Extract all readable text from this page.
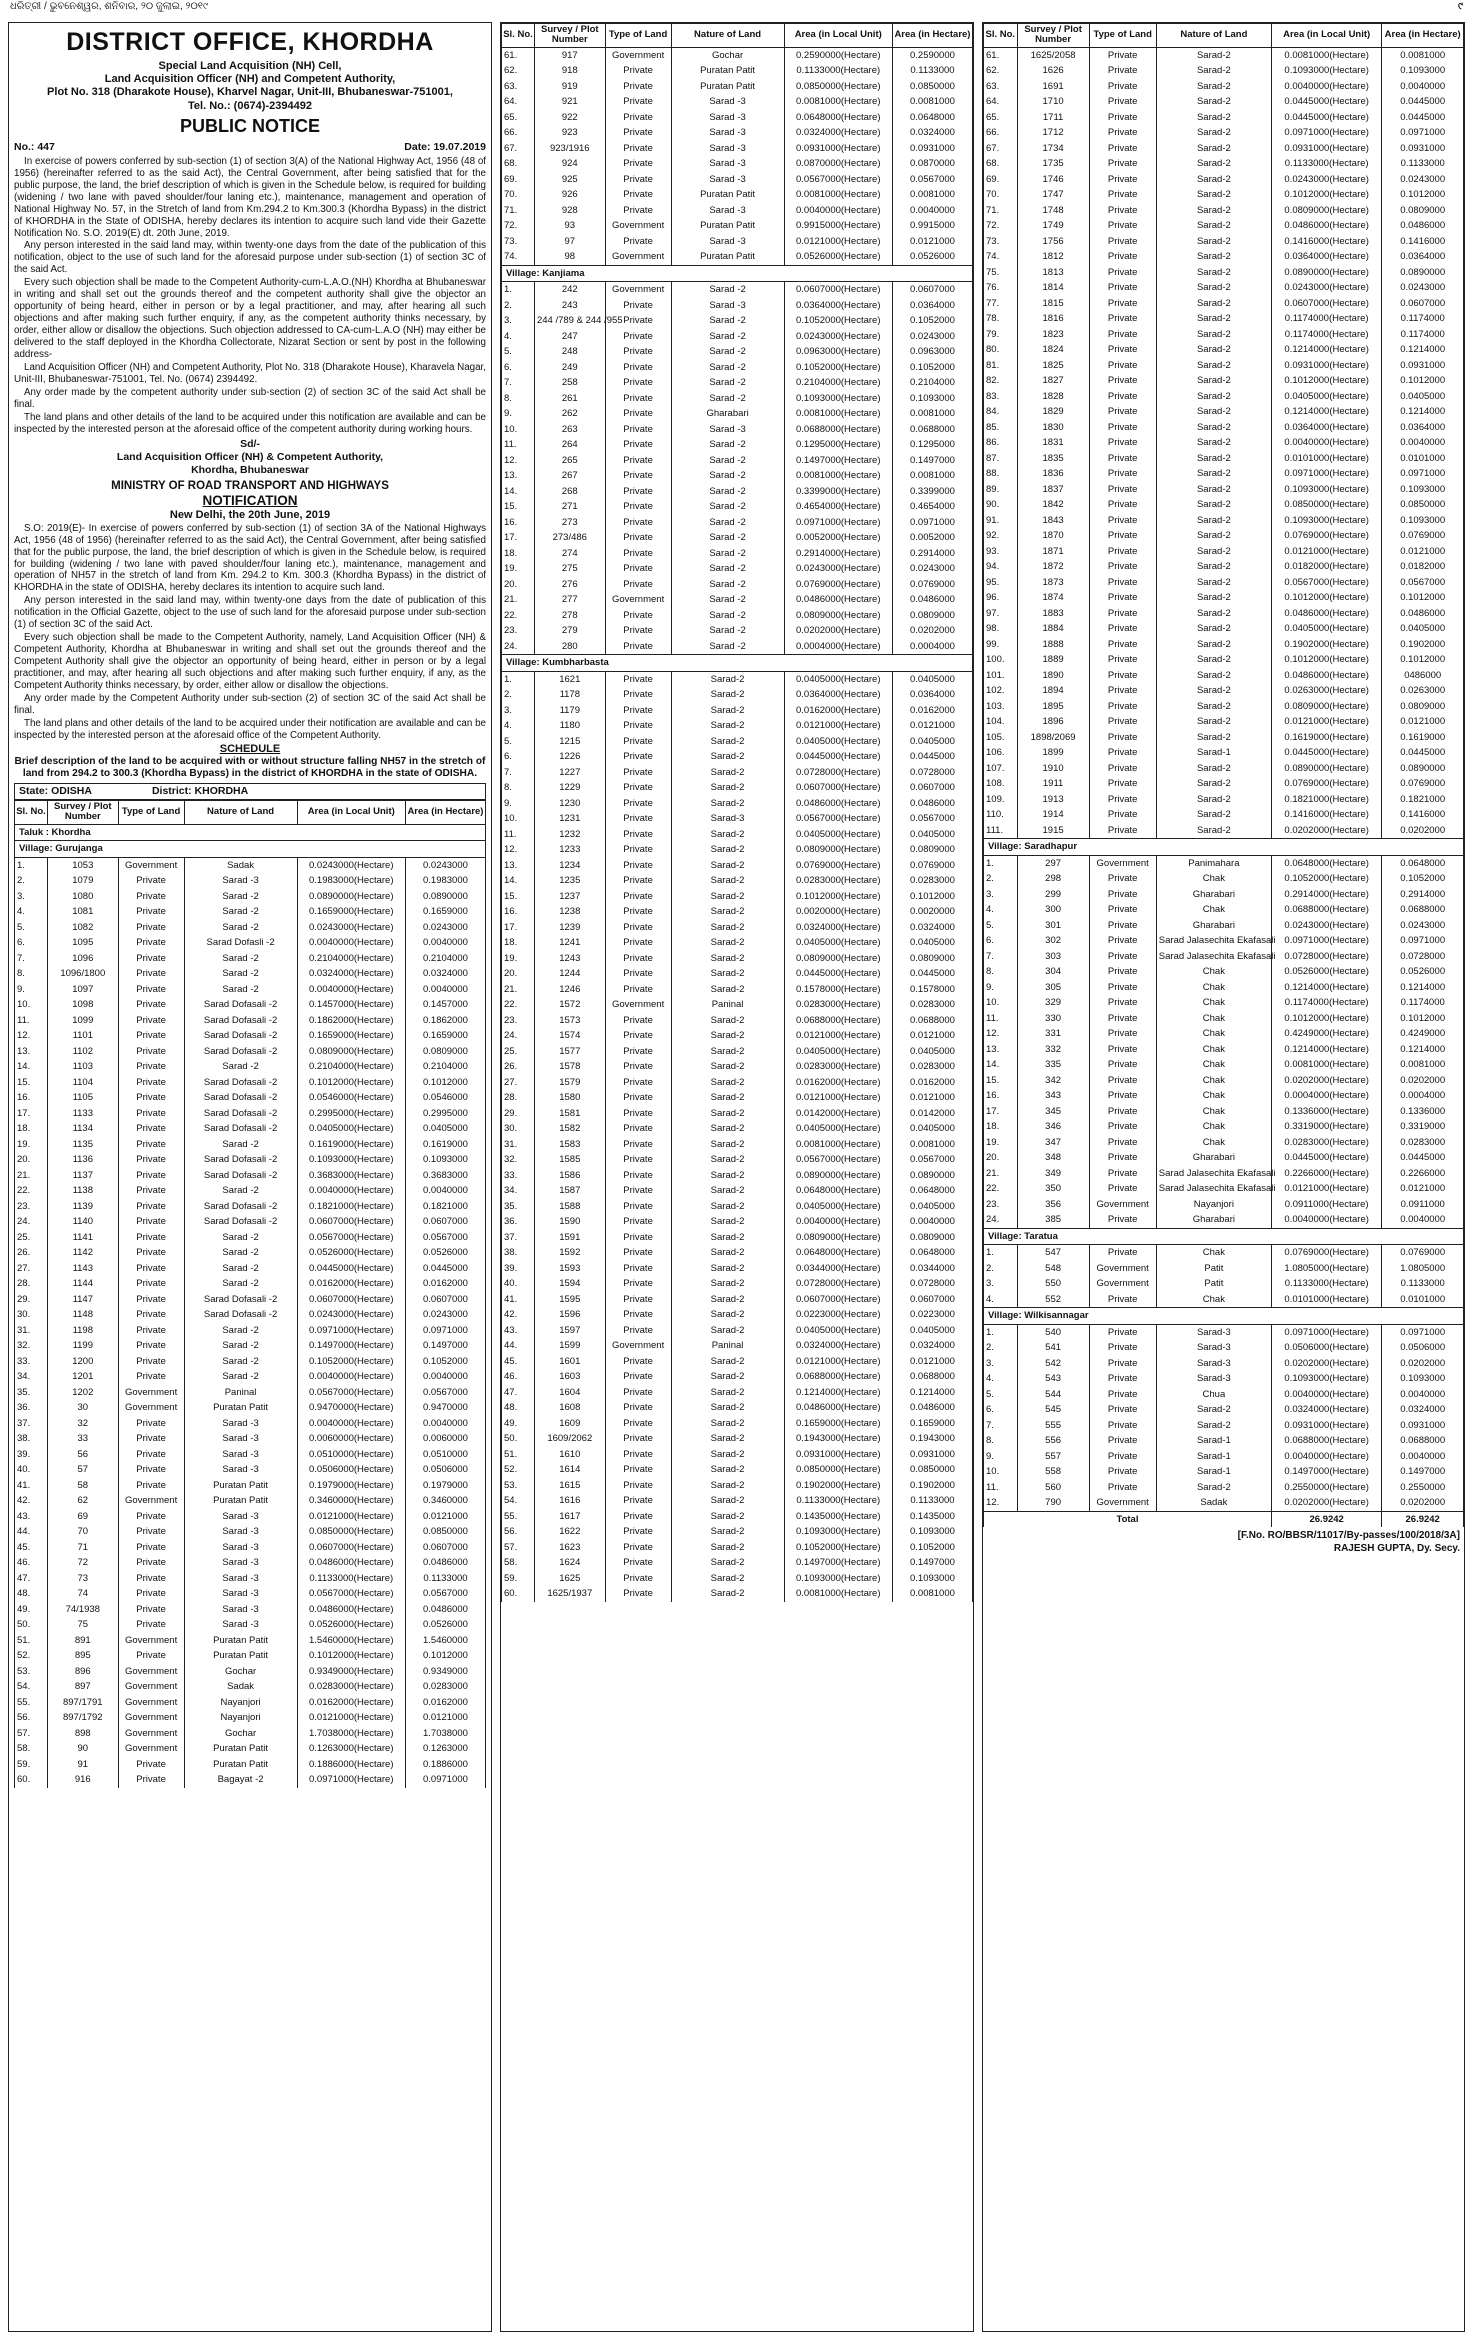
ଧରିତ୍ରୀ / ଭୁବନେଶ୍ୱର, ଶନିବାର, ୨୦ ଜୁଲାଇ, ୨୦୧୯	୯
DISTRICT OFFICE, KHORDHA
Special Land Acquisition (NH) Cell,
Land Acquisition Officer (NH) and Competent Authority,
Plot No. 318 (Dharakote House), Kharvel Nagar, Unit-III, Bhubaneswar-751001,
Tel. No.: (0674)-2394492
PUBLIC NOTICE
No.: 447	Date: 19.07.2019

In exercise of powers conferred by sub-section (1) of section 3(A) of the National Highway Act, 1956 (48 of 1956) (hereinafter referred to as the said Act), the Central Government, after being satisfied that for the public purpose, the land, the brief description of which is given in the Schedule below, is required for building (widening / two lane with paved shoulder/four laning etc.), maintenance, management and operation of National Highway No. 57, in the Stretch of land from Km.294.2 to Km.300.3 (Khordha Bypass) in the district of KHORDHA in the State of ODISHA, hereby declares its intention to acquire such land vide their Gazette Notification No. S.O. 2019(E) dt. 20th June, 2019.

Any person interested in the said land may, within twenty-one days from the date of the publication of this notification, object to the use of such land for the aforesaid purpose under sub-section (1) of section 3C of the said Act.

Every such objection shall be made to the Competent Authority-cum-L.A.O.(NH) Khordha at Bhubaneswar in writing and shall set out the grounds thereof and the competent authority shall give the objector an opportunity of being heard, either in person or by a legal practitioner, and may, after hearing all such objections and after making such further enquiry, if any, as the competent authority thinks necessary, by order, either allow or disallow the objections. Such objection addressed to CA-cum-L.A.O (NH) may either be delivered to the staff deployed in the Khordha Collectorate, Nizarat Section or sent by post in the following address-

Land Acquisition Officer (NH) and Competent Authority, Plot No. 318 (Dharakote House), Kharavela Nagar, Unit-III, Bhubaneswar-751001, Tel. No. (0674) 2394492.

Any order made by the competent authority under sub-section (2) of section 3C of the said Act shall be final.

The land plans and other details of the land to be acquired under this notification are available and can be inspected by the interested person at the aforesaid office of the competent authority during working hours.

Sd/-
Land Acquisition Officer (NH) & Competent Authority,
Khordha, Bhubaneswar
MINISTRY OF ROAD TRANSPORT AND HIGHWAYS
NOTIFICATION
New Delhi, the 20th June, 2019

S.O: 2019(E)- In exercise of powers conferred by sub-section (1) of section 3A of the National Highways Act, 1956 (48 of 1956) (hereinafter referred to as the said Act), the Central Government, after being satisfied that for the public purpose, the land, the brief description of which is given in the Schedule below, is required for building (widening / two lane with paved shoulder/four laning etc.), maintenance, management and operation of NH57 in the stretch of land from Km. 294.2 to Km. 300.3 (Khordha Bypass) in the district of KHORDHA in the state of ODISHA, hereby declares its intention to acquire such land.

Any person interested in the said land may, within twenty-one days from the date of publication of this notification in the Official Gazette, object to the use of such land for the aforesaid purpose under sub-section (1) of section 3C of the said Act.

Every such objection shall be made to the Competent Authority, namely, Land Acquisition Officer (NH) & Competent Authority, Khordha at Bhubaneswar in writing and shall set out the grounds thereof and the Competent Authority shall give the objector an opportunity of being heard, either in person or by a legal practitioner, and may, after hearing all such objections and after making such further enquiry, if any, as the Competent Authority thinks necessary, by order, either allow or disallow the objections.

Any order made by the Competent Authority under sub-section (2) of section 3C of the said Act shall be final.

The land plans and other details of the land to be acquired under their notification are available and can be inspected by the interested person at the aforesaid office of the Competent Authority.

SCHEDULE
Brief description of the land to be acquired with or without structure falling NH57 in the stretch of land from 294.2 to 300.3 (Khordha Bypass) in the district of KHORDHA in the state of ODISHA.
State: ODISHA	District: KHORDHA
Sl. No.	Survey / Plot Number	Type of Land	Nature of Land	Area (in Local Unit)	Area (in Hectare)
Taluk : Khordha					
Village: Gurujanga					
1.	1053	Government	Sadak	0.0243000(Hectare)	0.0243000
2.	1079	Private	Sarad -3	0.1983000(Hectare)	0.1983000
3.	1080	Private	Sarad -2	0.0890000(Hectare)	0.0890000
4.	1081	Private	Sarad -2	0.1659000(Hectare)	0.1659000
5.	1082	Private	Sarad -2	0.0243000(Hectare)	0.0243000
6.	1095	Private	Sarad Dofasli -2	0.0040000(Hectare)	0.0040000
7.	1096	Private	Sarad -2	0.2104000(Hectare)	0.2104000
8.	1096/1800	Private	Sarad -2	0.0324000(Hectare)	0.0324000
9.	1097	Private	Sarad -2	0.0040000(Hectare)	0.0040000
10.	1098	Private	Sarad Dofasali -2	0.1457000(Hectare)	0.1457000
11.	1099	Private	Sarad Dofasali -2	0.1862000(Hectare)	0.1862000
12.	1101	Private	Sarad Dofasali -2	0.1659000(Hectare)	0.1659000
13.	1102	Private	Sarad Dofasali -2	0.0809000(Hectare)	0.0809000
14.	1103	Private	Sarad -2	0.2104000(Hectare)	0.2104000
15.	1104	Private	Sarad Dofasali -2	0.1012000(Hectare)	0.1012000
16.	1105	Private	Sarad Dofasali -2	0.0546000(Hectare)	0.0546000
17.	1133	Private	Sarad Dofasali -2	0.2995000(Hectare)	0.2995000
18.	1134	Private	Sarad Dofasali -2	0.0405000(Hectare)	0.0405000
19.	1135	Private	Sarad -2	0.1619000(Hectare)	0.1619000
20.	1136	Private	Sarad Dofasali -2	0.1093000(Hectare)	0.1093000
21.	1137	Private	Sarad Dofasali -2	0.3683000(Hectare)	0.3683000
22.	1138	Private	Sarad -2	0.0040000(Hectare)	0.0040000
23.	1139	Private	Sarad Dofasali -2	0.1821000(Hectare)	0.1821000
24.	1140	Private	Sarad Dofasali -2	0.0607000(Hectare)	0.0607000
25.	1141	Private	Sarad -2	0.0567000(Hectare)	0.0567000
26.	1142	Private	Sarad -2	0.0526000(Hectare)	0.0526000
27.	1143	Private	Sarad -2	0.0445000(Hectare)	0.0445000
28.	1144	Private	Sarad -2	0.0162000(Hectare)	0.0162000
29.	1147	Private	Sarad Dofasali -2	0.0607000(Hectare)	0.0607000
30.	1148	Private	Sarad Dofasali -2	0.0243000(Hectare)	0.0243000
31.	1198	Private	Sarad -2	0.0971000(Hectare)	0.0971000
32.	1199	Private	Sarad -2	0.1497000(Hectare)	0.1497000
33.	1200	Private	Sarad -2	0.1052000(Hectare)	0.1052000
34.	1201	Private	Sarad -2	0.0040000(Hectare)	0.0040000
35.	1202	Government	Paninal	0.0567000(Hectare)	0.0567000
36.	30	Government	Puratan Patit	0.9470000(Hectare)	0.9470000
37.	32	Private	Sarad -3	0.0040000(Hectare)	0.0040000
38.	33	Private	Sarad -3	0.0060000(Hectare)	0.0060000
39.	56	Private	Sarad -3	0.0510000(Hectare)	0.0510000
40.	57	Private	Sarad -3	0.0506000(Hectare)	0.0506000
41.	58	Private	Puratan Patit	0.1979000(Hectare)	0.1979000
42.	62	Government	Puratan Patit	0.3460000(Hectare)	0.3460000
43.	69	Private	Sarad -3	0.0121000(Hectare)	0.0121000
44.	70	Private	Sarad -3	0.0850000(Hectare)	0.0850000
45.	71	Private	Sarad -3	0.0607000(Hectare)	0.0607000
46.	72	Private	Sarad -3	0.0486000(Hectare)	0.0486000
47.	73	Private	Sarad -3	0.1133000(Hectare)	0.1133000
48.	74	Private	Sarad -3	0.0567000(Hectare)	0.0567000
49.	74/1938	Private	Sarad -3	0.0486000(Hectare)	0.0486000
50.	75	Private	Sarad -3	0.0526000(Hectare)	0.0526000
51.	891	Government	Puratan Patit	1.5460000(Hectare)	1.5460000
52.	895	Private	Puratan Patit	0.1012000(Hectare)	0.1012000
53.	896	Government	Gochar	0.9349000(Hectare)	0.9349000
54.	897	Government	Sadak	0.0283000(Hectare)	0.0283000
55.	897/1791	Government	Nayanjori	0.0162000(Hectare)	0.0162000
56.	897/1792	Government	Nayanjori	0.0121000(Hectare)	0.0121000
57.	898	Government	Gochar	1.7038000(Hectare)	1.7038000
58.	90	Government	Puratan Patit	0.1263000(Hectare)	0.1263000
59.	91	Private	Puratan Patit	0.1886000(Hectare)	0.1886000
60.	916	Private	Bagayat -2	0.0971000(Hectare)	0.0971000
Sl. No.	Survey / Plot Number	Type of Land	Nature of Land	Area (in Local Unit)	Area (in Hectare)
61.	917	Government	Gochar	0.2590000(Hectare)	0.2590000
62.	918	Private	Puratan Patit	0.1133000(Hectare)	0.1133000
63.	919	Private	Puratan Patit	0.0850000(Hectare)	0.0850000
64.	921	Private	Sarad -3	0.0081000(Hectare)	0.0081000
65.	922	Private	Sarad -3	0.0648000(Hectare)	0.0648000
66.	923	Private	Sarad -3	0.0324000(Hectare)	0.0324000
67.	923/1916	Private	Sarad -3	0.0931000(Hectare)	0.0931000
68.	924	Private	Sarad -3	0.0870000(Hectare)	0.0870000
69.	925	Private	Sarad -3	0.0567000(Hectare)	0.0567000
70.	926	Private	Puratan Patit	0.0081000(Hectare)	0.0081000
71.	928	Private	Sarad -3	0.0040000(Hectare)	0.0040000
72.	93	Government	Puratan Patit	0.9915000(Hectare)	0.9915000
73.	97	Private	Sarad -3	0.0121000(Hectare)	0.0121000
74.	98	Government	Puratan Patit	0.0526000(Hectare)	0.0526000
Village: Kanjiama					
1.	242	Government	Sarad -2	0.0607000(Hectare)	0.0607000
2.	243	Private	Sarad -3	0.0364000(Hectare)	0.0364000
3.	244 /789 & 244 /955	Private	Sarad -2	0.1052000(Hectare)	0.1052000
4.	247	Private	Sarad -2	0.0243000(Hectare)	0.0243000
5.	248	Private	Sarad -2	0.0963000(Hectare)	0.0963000
6.	249	Private	Sarad -2	0.1052000(Hectare)	0.1052000
7.	258	Private	Sarad -2	0.2104000(Hectare)	0.2104000
8.	261	Private	Sarad -2	0.1093000(Hectare)	0.1093000
9.	262	Private	Gharabari	0.0081000(Hectare)	0.0081000
10.	263	Private	Sarad -3	0.0688000(Hectare)	0.0688000
11.	264	Private	Sarad -2	0.1295000(Hectare)	0.1295000
12.	265	Private	Sarad -2	0.1497000(Hectare)	0.1497000
13.	267	Private	Sarad -2	0.0081000(Hectare)	0.0081000
14.	268	Private	Sarad -2	0.3399000(Hectare)	0.3399000
15.	271	Private	Sarad -2	0.4654000(Hectare)	0.4654000
16.	273	Private	Sarad -2	0.0971000(Hectare)	0.0971000
17.	273/486	Private	Sarad -2	0.0052000(Hectare)	0.0052000
18.	274	Private	Sarad -2	0.2914000(Hectare)	0.2914000
19.	275	Private	Sarad -2	0.0243000(Hectare)	0.0243000
20.	276	Private	Sarad -2	0.0769000(Hectare)	0.0769000
21.	277	Government	Sarad -2	0.0486000(Hectare)	0.0486000
22.	278	Private	Sarad -2	0.0809000(Hectare)	0.0809000
23.	279	Private	Sarad -2	0.0202000(Hectare)	0.0202000
24.	280	Private	Sarad -2	0.0004000(Hectare)	0.0004000
Village: Kumbharbasta					
1.	1621	Private	Sarad-2	0.0405000(Hectare)	0.0405000
2.	1178	Private	Sarad-2	0.0364000(Hectare)	0.0364000
3.	1179	Private	Sarad-2	0.0162000(Hectare)	0.0162000
4.	1180	Private	Sarad-2	0.0121000(Hectare)	0.0121000
5.	1215	Private	Sarad-2	0.0405000(Hectare)	0.0405000
6.	1226	Private	Sarad-2	0.0445000(Hectare)	0.0445000
7.	1227	Private	Sarad-2	0.0728000(Hectare)	0.0728000
8.	1229	Private	Sarad-2	0.0607000(Hectare)	0.0607000
9.	1230	Private	Sarad-2	0.0486000(Hectare)	0.0486000
10.	1231	Private	Sarad-3	0.0567000(Hectare)	0.0567000
11.	1232	Private	Sarad-2	0.0405000(Hectare)	0.0405000
12.	1233	Private	Sarad-2	0.0809000(Hectare)	0.0809000
13.	1234	Private	Sarad-2	0.0769000(Hectare)	0.0769000
14.	1235	Private	Sarad-2	0.0283000(Hectare)	0.0283000
15.	1237	Private	Sarad-2	0.1012000(Hectare)	0.1012000
16.	1238	Private	Sarad-2	0.0020000(Hectare)	0.0020000
17.	1239	Private	Sarad-2	0.0324000(Hectare)	0.0324000
18.	1241	Private	Sarad-2	0.0405000(Hectare)	0.0405000
19.	1243	Private	Sarad-2	0.0809000(Hectare)	0.0809000
20.	1244	Private	Sarad-2	0.0445000(Hectare)	0.0445000
21.	1246	Private	Sarad-2	0.1578000(Hectare)	0.1578000
22.	1572	Government	Paninal	0.0283000(Hectare)	0.0283000
23.	1573	Private	Sarad-2	0.0688000(Hectare)	0.0688000
24.	1574	Private	Sarad-2	0.0121000(Hectare)	0.0121000
25.	1577	Private	Sarad-2	0.0405000(Hectare)	0.0405000
26.	1578	Private	Sarad-2	0.0283000(Hectare)	0.0283000
27.	1579	Private	Sarad-2	0.0162000(Hectare)	0.0162000
28.	1580	Private	Sarad-2	0.0121000(Hectare)	0.0121000
29.	1581	Private	Sarad-2	0.0142000(Hectare)	0.0142000
30.	1582	Private	Sarad-2	0.0405000(Hectare)	0.0405000
31.	1583	Private	Sarad-2	0.0081000(Hectare)	0.0081000
32.	1585	Private	Sarad-2	0.0567000(Hectare)	0.0567000
33.	1586	Private	Sarad-2	0.0890000(Hectare)	0.0890000
34.	1587	Private	Sarad-2	0.0648000(Hectare)	0.0648000
35.	1588	Private	Sarad-2	0.0405000(Hectare)	0.0405000
36.	1590	Private	Sarad-2	0.0040000(Hectare)	0.0040000
37.	1591	Private	Sarad-2	0.0809000(Hectare)	0.0809000
38.	1592	Private	Sarad-2	0.0648000(Hectare)	0.0648000
39.	1593	Private	Sarad-2	0.0344000(Hectare)	0.0344000
40.	1594	Private	Sarad-2	0.0728000(Hectare)	0.0728000
41.	1595	Private	Sarad-2	0.0607000(Hectare)	0.0607000
42.	1596	Private	Sarad-2	0.0223000(Hectare)	0.0223000
43.	1597	Private	Sarad-2	0.0405000(Hectare)	0.0405000
44.	1599	Government	Paninal	0.0324000(Hectare)	0.0324000
45.	1601	Private	Sarad-2	0.0121000(Hectare)	0.0121000
46.	1603	Private	Sarad-2	0.0688000(Hectare)	0.0688000
47.	1604	Private	Sarad-2	0.1214000(Hectare)	0.1214000
48.	1608	Private	Sarad-2	0.0486000(Hectare)	0.0486000
49.	1609	Private	Sarad-2	0.1659000(Hectare)	0.1659000
50.	1609/2062	Private	Sarad-2	0.1943000(Hectare)	0.1943000
51.	1610	Private	Sarad-2	0.0931000(Hectare)	0.0931000
52.	1614	Private	Sarad-2	0.0850000(Hectare)	0.0850000
53.	1615	Private	Sarad-2	0.1902000(Hectare)	0.1902000
54.	1616	Private	Sarad-2	0.1133000(Hectare)	0.1133000
55.	1617	Private	Sarad-2	0.1435000(Hectare)	0.1435000
56.	1622	Private	Sarad-2	0.1093000(Hectare)	0.1093000
57.	1623	Private	Sarad-2	0.1052000(Hectare)	0.1052000
58.	1624	Private	Sarad-2	0.1497000(Hectare)	0.1497000
59.	1625	Private	Sarad-2	0.1093000(Hectare)	0.1093000
60.	1625/1937	Private	Sarad-2	0.0081000(Hectare)	0.0081000
Sl. No.	Survey / Plot Number	Type of Land	Nature of Land	Area (in Local Unit)	Area (in Hectare)
61.	1625/2058	Private	Sarad-2	0.0081000(Hectare)	0.0081000
62.	1626	Private	Sarad-2	0.1093000(Hectare)	0.1093000
63.	1691	Private	Sarad-2	0.0040000(Hectare)	0.0040000
64.	1710	Private	Sarad-2	0.0445000(Hectare)	0.0445000
65.	1711	Private	Sarad-2	0.0445000(Hectare)	0.0445000
66.	1712	Private	Sarad-2	0.0971000(Hectare)	0.0971000
67.	1734	Private	Sarad-2	0.0931000(Hectare)	0.0931000
68.	1735	Private	Sarad-2	0.1133000(Hectare)	0.1133000
69.	1746	Private	Sarad-2	0.0243000(Hectare)	0.0243000
70.	1747	Private	Sarad-2	0.1012000(Hectare)	0.1012000
71.	1748	Private	Sarad-2	0.0809000(Hectare)	0.0809000
72.	1749	Private	Sarad-2	0.0486000(Hectare)	0.0486000
73.	1756	Private	Sarad-2	0.1416000(Hectare)	0.1416000
74.	1812	Private	Sarad-2	0.0364000(Hectare)	0.0364000
75.	1813	Private	Sarad-2	0.0890000(Hectare)	0.0890000
76.	1814	Private	Sarad-2	0.0243000(Hectare)	0.0243000
77.	1815	Private	Sarad-2	0.0607000(Hectare)	0.0607000
78.	1816	Private	Sarad-2	0.1174000(Hectare)	0.1174000
79.	1823	Private	Sarad-2	0.1174000(Hectare)	0.1174000
80.	1824	Private	Sarad-2	0.1214000(Hectare)	0.1214000
81.	1825	Private	Sarad-2	0.0931000(Hectare)	0.0931000
82.	1827	Private	Sarad-2	0.1012000(Hectare)	0.1012000
83.	1828	Private	Sarad-2	0.0405000(Hectare)	0.0405000
84.	1829	Private	Sarad-2	0.1214000(Hectare)	0.1214000
85.	1830	Private	Sarad-2	0.0364000(Hectare)	0.0364000
86.	1831	Private	Sarad-2	0.0040000(Hectare)	0.0040000
87.	1835	Private	Sarad-2	0.0101000(Hectare)	0.0101000
88.	1836	Private	Sarad-2	0.0971000(Hectare)	0.0971000
89.	1837	Private	Sarad-2	0.1093000(Hectare)	0.1093000
90.	1842	Private	Sarad-2	0.0850000(Hectare)	0.0850000
91.	1843	Private	Sarad-2	0.1093000(Hectare)	0.1093000
92.	1870	Private	Sarad-2	0.0769000(Hectare)	0.0769000
93.	1871	Private	Sarad-2	0.0121000(Hectare)	0.0121000
94.	1872	Private	Sarad-2	0.0182000(Hectare)	0.0182000
95.	1873	Private	Sarad-2	0.0567000(Hectare)	0.0567000
96.	1874	Private	Sarad-2	0.1012000(Hectare)	0.1012000
97.	1883	Private	Sarad-2	0.0486000(Hectare)	0.0486000
98.	1884	Private	Sarad-2	0.0405000(Hectare)	0.0405000
99.	1888	Private	Sarad-2	0.1902000(Hectare)	0.1902000
100.	1889	Private	Sarad-2	0.1012000(Hectare)	0.1012000
101.	1890	Private	Sarad-2	0.0486000(Hectare)	0486000
102.	1894	Private	Sarad-2	0.0263000(Hectare)	0.0263000
103.	1895	Private	Sarad-2	0.0809000(Hectare)	0.0809000
104.	1896	Private	Sarad-2	0.0121000(Hectare)	0.0121000
105.	1898/2069	Private	Sarad-2	0.1619000(Hectare)	0.1619000
106.	1899	Private	Sarad-1	0.0445000(Hectare)	0.0445000
107.	1910	Private	Sarad-2	0.0890000(Hectare)	0.0890000
108.	1911	Private	Sarad-2	0.0769000(Hectare)	0.0769000
109.	1913	Private	Sarad-2	0.1821000(Hectare)	0.1821000
110.	1914	Private	Sarad-2	0.1416000(Hectare)	0.1416000
111.	1915	Private	Sarad-2	0.0202000(Hectare)	0.0202000
Village: Saradhapur					
1.	297	Government	Panimahara	0.0648000(Hectare)	0.0648000
2.	298	Private	Chak	0.1052000(Hectare)	0.1052000
3.	299	Private	Gharabari	0.2914000(Hectare)	0.2914000
4.	300	Private	Chak	0.0688000(Hectare)	0.0688000
5.	301	Private	Gharabari	0.0243000(Hectare)	0.0243000
6.	302	Private	Sarad Jalasechita Ekafasali	0.0971000(Hectare)	0.0971000
7.	303	Private	Sarad Jalasechita Ekafasali	0.0728000(Hectare)	0.0728000
8.	304	Private	Chak	0.0526000(Hectare)	0.0526000
9.	305	Private	Chak	0.1214000(Hectare)	0.1214000
10.	329	Private	Chak	0.1174000(Hectare)	0.1174000
11.	330	Private	Chak	0.1012000(Hectare)	0.1012000
12.	331	Private	Chak	0.4249000(Hectare)	0.4249000
13.	332	Private	Chak	0.1214000(Hectare)	0.1214000
14.	335	Private	Chak	0.0081000(Hectare)	0.0081000
15.	342	Private	Chak	0.0202000(Hectare)	0.0202000
16.	343	Private	Chak	0.0004000(Hectare)	0.0004000
17.	345	Private	Chak	0.1336000(Hectare)	0.1336000
18.	346	Private	Chak	0.3319000(Hectare)	0.3319000
19.	347	Private	Chak	0.0283000(Hectare)	0.0283000
20.	348	Private	Gharabari	0.0445000(Hectare)	0.0445000
21.	349	Private	Sarad Jalasechita Ekafasali	0.2266000(Hectare)	0.2266000
22.	350	Private	Sarad Jalasechita Ekafasali	0.0121000(Hectare)	0.0121000
23.	356	Government	Nayanjori	0.0911000(Hectare)	0.0911000
24.	385	Private	Gharabari	0.0040000(Hectare)	0.0040000
Village: Taratua					
1.	547	Private	Chak	0.0769000(Hectare)	0.0769000
2.	548	Government	Patit	1.0805000(Hectare)	1.0805000
3.	550	Government	Patit	0.1133000(Hectare)	0.1133000
4.	552	Private	Chak	0.0101000(Hectare)	0.0101000
Village: Wilkisannagar					
1.	540	Private	Sarad-3	0.0971000(Hectare)	0.0971000
2.	541	Private	Sarad-3	0.0506000(Hectare)	0.0506000
3.	542	Private	Sarad-3	0.0202000(Hectare)	0.0202000
4.	543	Private	Sarad-3	0.1093000(Hectare)	0.1093000
5.	544	Private	Chua	0.0040000(Hectare)	0.0040000
6.	545	Private	Sarad-2	0.0324000(Hectare)	0.0324000
7.	555	Private	Sarad-2	0.0931000(Hectare)	0.0931000
8.	556	Private	Sarad-1	0.0688000(Hectare)	0.0688000
9.	557	Private	Sarad-1	0.0040000(Hectare)	0.0040000
10.	558	Private	Sarad-1	0.1497000(Hectare)	0.1497000
11.	560	Private	Sarad-2	0.2550000(Hectare)	0.2550000
12.	790	Government	Sadak	0.0202000(Hectare)	0.0202000
Total				26.9242	26.9242
[F.No. RO/BBSR/11017/By-passes/100/2018/3A]
RAJESH GUPTA, Dy. Secy.
